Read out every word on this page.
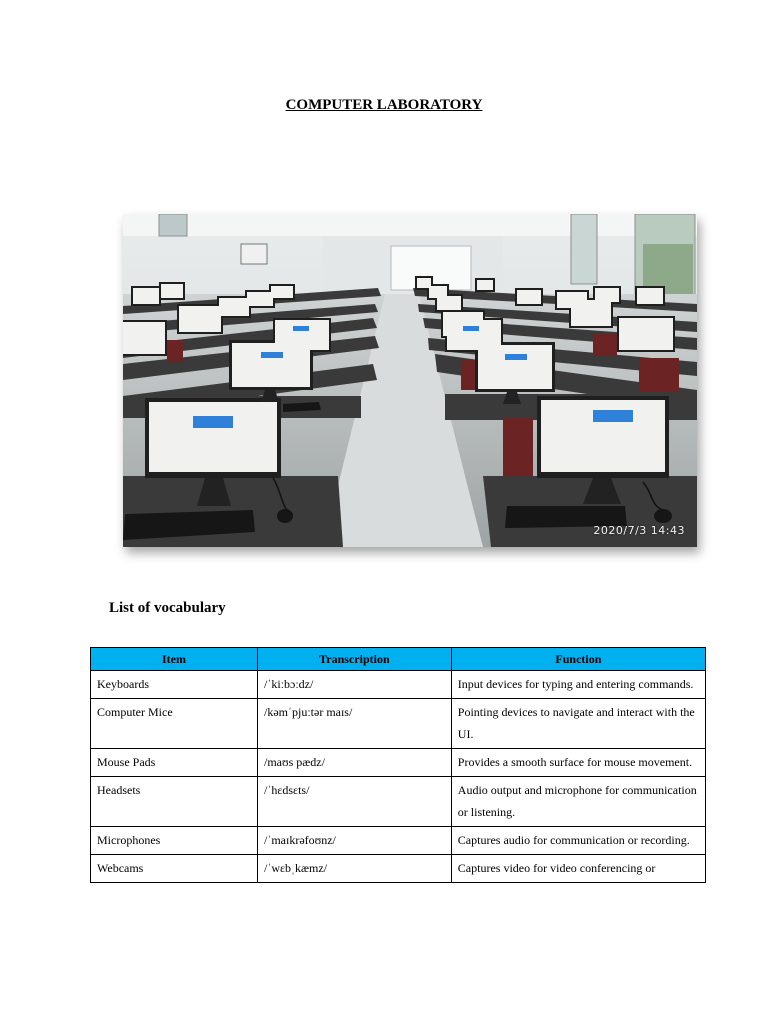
COMPUTER LABORATORY
2020/7/3 14:43
List of vocabulary
Item	Transcription	Function
Keyboards	/ˈkiːbɔːdz/	Input devices for typing and entering commands.
Computer Mice	/kəmˈpjuːtər maɪs/	Pointing devices to navigate and interact with the UI.
Mouse Pads	/maʊs pædz/	Provides a smooth surface for mouse movement.
Headsets	/ˈhɛdsɛts/	Audio output and microphone for communication or listening.
Microphones	/ˈmaɪkrəfoʊnz/	Captures audio for communication or recording.
Webcams	/ˈwɛbˌkæmz/	Captures video for video conferencing or
